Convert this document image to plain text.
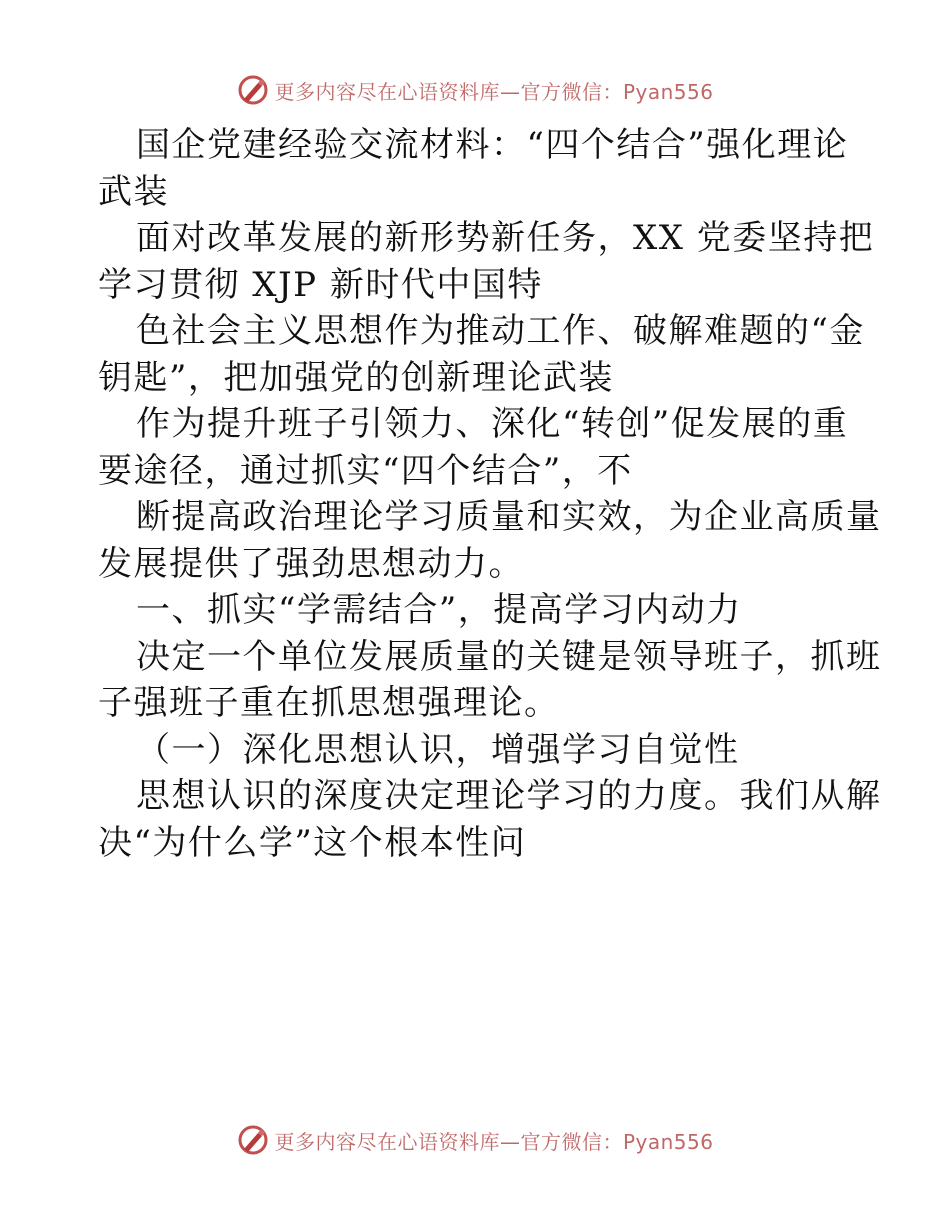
更多内容尽在心语资料库—官方微信：Pyan556
国企党建经验交流材料：“四个结合”强化理论
武装
面对改革发展的新形势新任务，XX 党委坚持把
学习贯彻 XJP 新时代中国特
色社会主义思想作为推动工作、破解难题的“金
钥匙”，把加强党的创新理论武装
作为提升班子引领力、深化“转创”促发展的重
要途径，通过抓实“四个结合”，不
断提高政治理论学习质量和实效，为企业高质量
发展提供了强劲思想动力。
一、抓实“学需结合”，提高学习内动力
决定一个单位发展质量的关键是领导班子，抓班
子强班子重在抓思想强理论。
（一）深化思想认识，增强学习自觉性
思想认识的深度决定理论学习的力度。我们从解
决“为什么学”这个根本性问
更多内容尽在心语资料库—官方微信：Pyan556
